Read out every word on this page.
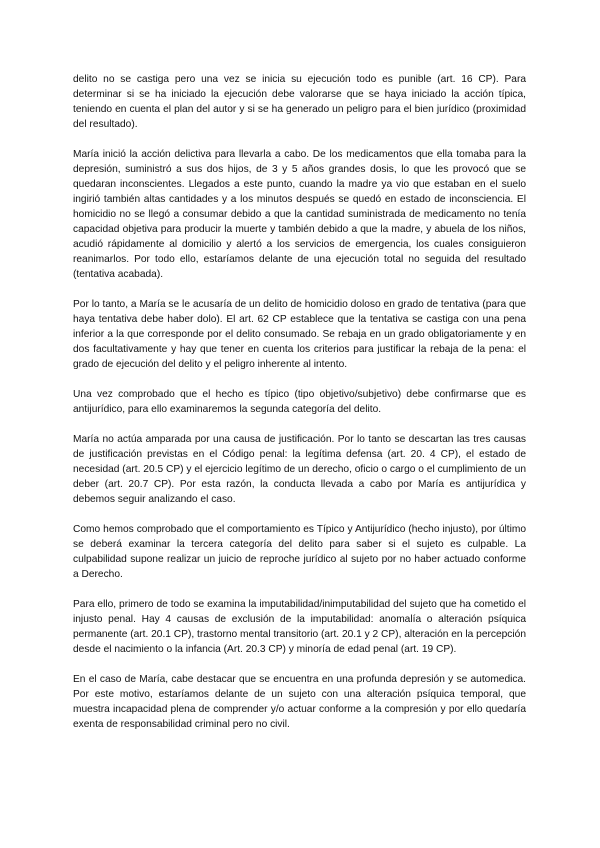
delito no se castiga pero una vez se inicia su ejecución todo es punible (art. 16 CP). Para determinar si se ha iniciado la ejecución debe valorarse que se haya iniciado la acción típica, teniendo en cuenta el plan del autor y si se ha generado un peligro para el bien jurídico (proximidad del resultado).

María inició la acción delictiva para llevarla a cabo. De los medicamentos que ella tomaba para la depresión, suministró a sus dos hijos, de 3 y 5 años grandes dosis, lo que les provocó que se quedaran inconscientes. Llegados a este punto, cuando la madre ya vio que estaban en el suelo ingirió también altas cantidades y a los minutos después se quedó en estado de inconsciencia. El homicidio no se llegó a consumar debido a que la cantidad suministrada de medicamento no tenía capacidad objetiva para producir la muerte y también debido a que la madre, y abuela de los niños, acudió rápidamente al domicilio y alertó a los servicios de emergencia, los cuales consiguieron reanimarlos. Por todo ello, estaríamos delante de una ejecución total no seguida del resultado (tentativa acabada).

Por lo tanto, a María se le acusaría de un delito de homicidio doloso en grado de tentativa (para que haya tentativa debe haber dolo). El art. 62 CP establece que la tentativa se castiga con una pena inferior a la que corresponde por el delito consumado. Se rebaja en un grado obligatoriamente y en dos facultativamente y hay que tener en cuenta los criterios para justificar la rebaja de la pena: el grado de ejecución del delito y el peligro inherente al intento.

Una vez comprobado que el hecho es típico (tipo objetivo/subjetivo) debe confirmarse que es antijurídico, para ello examinaremos la segunda categoría del delito.

María no actúa amparada por una causa de justificación. Por lo tanto se descartan las tres causas de justificación previstas en el Código penal: la legítima defensa (art. 20. 4 CP), el estado de necesidad (art. 20.5 CP) y el ejercicio legítimo de un derecho, oficio o cargo o el cumplimiento de un deber (art. 20.7 CP). Por esta razón, la conducta llevada a cabo por María es antijurídica y debemos seguir analizando el caso.

Como hemos comprobado que el comportamiento es Típico y Antijurídico (hecho injusto), por último se deberá examinar la tercera categoría del delito para saber si el sujeto es culpable. La culpabilidad supone realizar un juicio de reproche jurídico al sujeto por no haber actuado conforme a Derecho.

Para ello, primero de todo se examina la imputabilidad/inimputabilidad del sujeto que ha cometido el injusto penal. Hay 4 causas de exclusión de la imputabilidad: anomalía o alteración psíquica permanente (art. 20.1 CP), trastorno mental transitorio (art. 20.1 y 2 CP), alteración en la percepción desde el nacimiento o la infancia (Art. 20.3 CP) y minoría de edad penal (art. 19 CP).

En el caso de María, cabe destacar que se encuentra en una profunda depresión y se automedica. Por este motivo, estaríamos delante de un sujeto con una alteración psíquica temporal, que muestra incapacidad plena de comprender y/o actuar conforme a la compresión y por ello quedaría exenta de responsabilidad criminal pero no civil.
